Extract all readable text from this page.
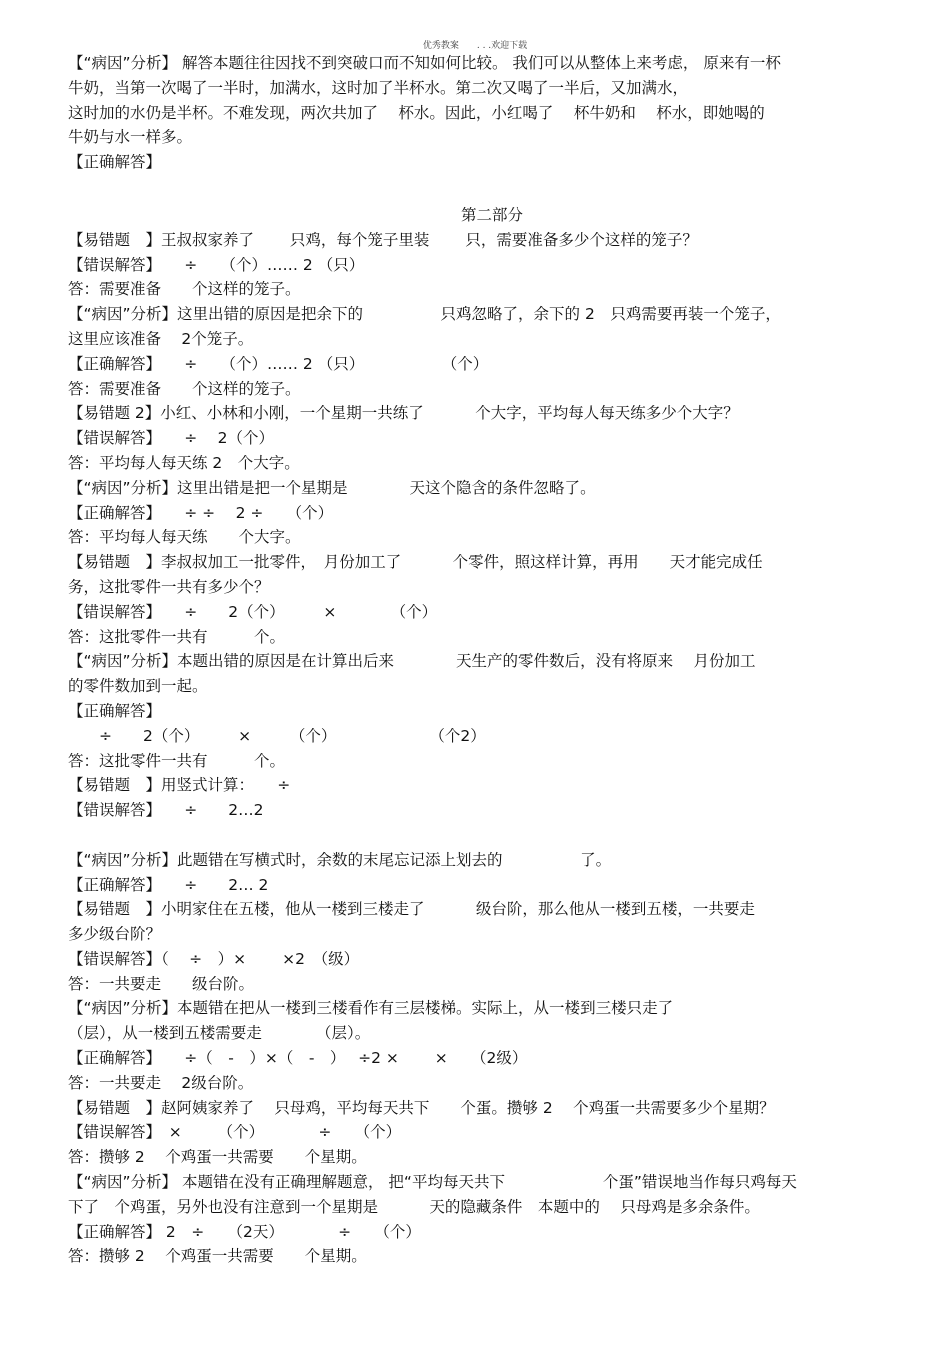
优秀教案　　. . .欢迎下载
【“病因”分析】 解答本题往往因找不到突破口而不知如何比较。 我们可以从整体上来考虑， 原来有一杯
牛奶，当第一次喝了一半时，加满水，这时加了半杯水。第二次又喝了一半后，又加满水，
这时加的水仍是半杯。不难发现，两次共加了　 杯水。因此，小红喝了　 杯牛奶和　 杯水，即她喝的
牛奶与水一样多。
【正确解答】
第二部分
【易错题　】王叔叔家养了　　 只鸡，每个笼子里装　　 只，需要准备多少个这样的笼子？
【错误解答】　　÷　　（个）…… 2 （只）
答：需要准备　　个这样的笼子。
【“病因”分析】这里出错的原因是把余下的　　　　　只鸡忽略了，余下的 2　只鸡需要再装一个笼子，
这里应该准备　 2个笼子。
【正确解答】　　÷　　（个）…… 2 （只）　　　　　　（个）
答：需要准备　　个这样的笼子。
【易错题 2】小红、小林和小刚，一个星期一共练了　　　 个大字，平均每人每天练多少个大字？
【错误解答】　　÷　 2（个）
答：平均每人每天练 2　个大字。
【“病因”分析】这里出错是把一个星期是　　　　天这个隐含的条件忽略了。
【正确解答】　　÷ ÷　 2 ÷　　（个）
答：平均每人每天练　　个大字。
【易错题　】李叔叔加工一批零件，　月份加工了　　　 个零件，照这样计算，再用　　天才能完成任
务，这批零件一共有多少个？
【错误解答】　　÷　　2（个）　　　×　　　　（个）
答：这批零件一共有　　　个。
【“病因”分析】本题出错的原因是在计算出后来　　　　天生产的零件数后，没有将原来　 月份加工
的零件数加到一起。
【正确解答】
　　÷　　2（个）　　　×　　　（个）　　　　　　　（个2）
答：这批零件一共有　　　个。
【易错题　】用竖式计算：　　÷
【错误解答】　　÷　　2…2
【“病因”分析】此题错在写横式时，余数的末尾忘记添上划去的　　　　　了。
【正确解答】　　÷　　2… 2
【易错题　】小明家住在五楼，他从一楼到三楼走了　　　 级台阶，那么他从一楼到五楼，一共要走
多少级台阶？
【错误解答】（　 ÷　）×　　 ×2　（级）
答：一共要走　　级台阶。
【“病因”分析】本题错在把从一楼到三楼看作有三层楼梯。实际上，从一楼到三楼只走了
（层），从一楼到五楼需要走　　　　（层）。
【正确解答】　　÷（　-　）×（　-　）　 ÷2 ×　　 ×　　（2级）
答：一共要走　 2级台阶。
【易错题　】赵阿姨家养了　 只母鸡，平均每天共下　　个蛋。攒够 2　 个鸡蛋一共需要多少个星期？
【错误解答】　×　　 （个）　　　　÷　　（个）
答：攒够 2　 个鸡蛋一共需要　　个星期。
【“病因”分析】 本题错在没有正确理解题意， 把“平均每天共下　　　　　　 个蛋”错误地当作每只鸡每天
下了　个鸡蛋，另外也没有注意到一个星期是　　　 天的隐藏条件　本题中的　 只母鸡是多余条件。
【正确解答】 2　÷　　（2天）　　　　÷　　（个）
答：攒够 2　 个鸡蛋一共需要　　个星期。
